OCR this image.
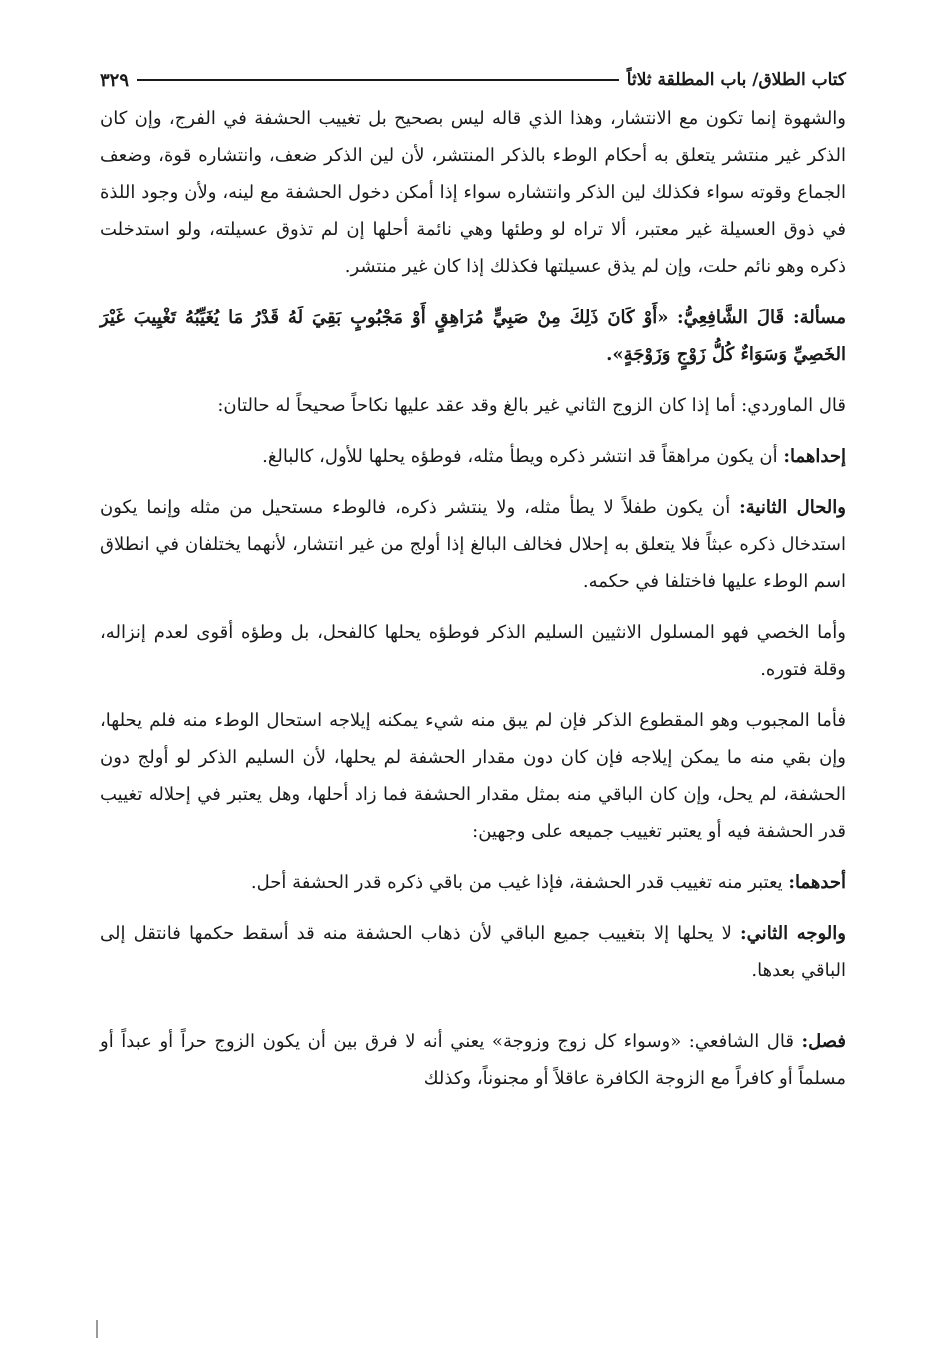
كتاب الطلاق/ باب المطلقة ثلاثاً
٣٢٩

والشهوة إنما تكون مع الانتشار، وهذا الذي قاله ليس بصحيح بل تغييب الحشفة في الفرج، وإن كان الذكر غير منتشر يتعلق به أحكام الوطء بالذكر المنتشر، لأن لين الذكر ضعف، وانتشاره قوة، وضعف الجماع وقوته سواء فكذلك لين الذكر وانتشاره سواء إذا أمكن دخول الحشفة مع لينه، ولأن وجود اللذة في ذوق العسيلة غير معتبر، ألا تراه لو وطئها وهي نائمة أحلها إن لم تذوق عسيلته، ولو استدخلت ذكره وهو نائم حلت، وإن لم يذق عسيلتها فكذلك إذا كان غير منتشر.

مسألة: قَالَ الشَّافِعِيُّ: «أَوْ كَانَ ذَلِكَ مِنْ صَبِيٍّ مُرَاهِقٍ أَوْ مَجْبُوبٍ بَقِيَ لَهُ قَدْرُ مَا يُغَيِّبُهُ تَغْيِيبَ غَيْرَ الخَصِيِّ وَسَوَاءٌ كُلُّ زَوْجٍ وَزَوْجَةٍ».

قال الماوردي: أما إذا كان الزوج الثاني غير بالغ وقد عقد عليها نكاحاً صحيحاً له حالتان:

إحداهما: أن يكون مراهقاً قد انتشر ذكره ويطأ مثله، فوطؤه يحلها للأول، كالبالغ.

والحال الثانية: أن يكون طفلاً لا يطأ مثله، ولا ينتشر ذكره، فالوطء مستحيل من مثله وإنما يكون استدخال ذكره عبثاً فلا يتعلق به إحلال فخالف البالغ إذا أولج من غير انتشار، لأنهما يختلفان في انطلاق اسم الوطء عليها فاختلفا في حكمه.

وأما الخصي فهو المسلول الانثيين السليم الذكر فوطؤه يحلها كالفحل، بل وطؤه أقوى لعدم إنزاله، وقلة فتوره.

فأما المجبوب وهو المقطوع الذكر فإن لم يبق منه شيء يمكنه إيلاجه استحال الوطء منه فلم يحلها، وإن بقي منه ما يمكن إيلاجه فإن كان دون مقدار الحشفة لم يحلها، لأن السليم الذكر لو أولج دون الحشفة، لم يحل، وإن كان الباقي منه بمثل مقدار الحشفة فما زاد أحلها، وهل يعتبر في إحلاله تغييب قدر الحشفة فيه أو يعتبر تغييب جميعه على وجهين:

أحدهما: يعتبر منه تغييب قدر الحشفة، فإذا غيب من باقي ذكره قدر الحشفة أحل.

والوجه الثاني: لا يحلها إلا بتغييب جميع الباقي لأن ذهاب الحشفة منه قد أسقط حكمها فانتقل إلى الباقي بعدها.

فصل: قال الشافعي: «وسواء كل زوج وزوجة» يعني أنه لا فرق بين أن يكون الزوج حراً أو عبداً أو مسلماً أو كافراً مع الزوجة الكافرة عاقلاً أو مجنوناً، وكذلك
